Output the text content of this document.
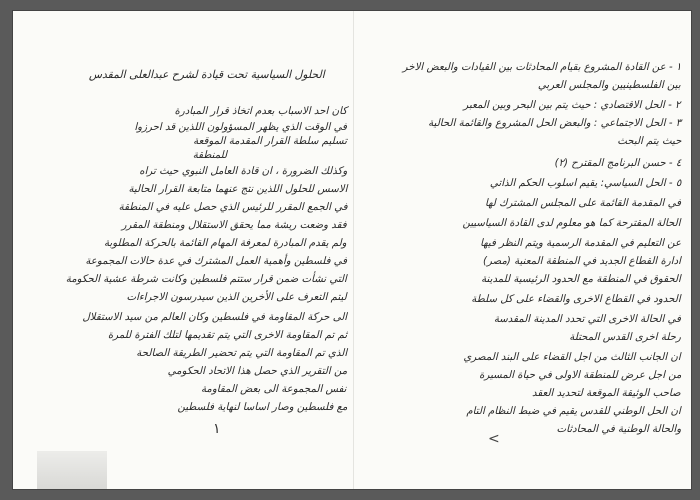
١ - عن القادة المشروع بقيام المحادثات بين القيادات والبعض الاخر
بين الفلسطينيين والمجلس العربي
٢ - الحل الاقتصادي : حيث يتم بين البحر وبين المعبر
٣ - الحل الاجتماعي : والبعض الحل المشروع والقائمة الحالية
حيث يتم البحث
٤ - حسن البرنامج المقترح (٢)
٥ - الحل السياسي: يقيم اسلوب الحكم الذاتي
في المقدمة القائمة على المجلس المشترك لها
الحالة المقترحة كما هو معلوم لدى القادة السياسيين
عن التعليم في المقدمة الرسمية ويتم النظر فيها
ادارة القطاع الجديد في المنطقة المعنية (مصر)
الحقوق في المنطقة مع الحدود الرئيسية للمدينة
الحدود في القطاع الاخرى والقضاء على كل سلطة
في الحالة الاخرى التي تحدد المدينة المقدسة
رحلة اخرى القدس المحتلة
ان الجانب الثالث من اجل القضاء على البند المصري
من اجل عرض للمنطقة الاولى في حياة المسيرة
صاحب الوثيقة الموقعة لتحديد العقد
ان الحل الوطني للقدس يقيم في ضبط النظام التام
والحالة الوطنية في المحادثات
الحلول السياسية تحت قيادة لشرح عبدالعلى المقدس
كان احد الاسباب بعدم اتخاذ قرار المبادرة
في الوقت الذي يظهر المسؤولون اللذين قد احرزوا
تسليم سلطة القرار المقدمة الموقعة
للمنطقة
وكذلك الضرورة ، ان قادة العامل النبوي حيث تراه
الاسس للحلول اللذين نتج عنهما متابعة القرار الحالية
في الجمع المقرر للرئيس الذي حصل عليه في المنطقة
فقد وضعت ريشة مما يحقق الاستقلال ومنطقة المقرر
ولم يقدم المبادرة لمعرفة المهام القائمة بالحركة المطلوبة
في فلسطين وأهمية العمل المشترك في عدة حالات المجموعة
التي نشأت ضمن قرار ستتم فلسطين وكانت شرطة عشية الحكومة
ليتم التعرف على الأخرين الذين سيدرسون الاجراءات
الى حركة المقاومة في فلسطين وكان العالم من سيد الاستقلال
ثم تم المقاومة الاخرى التي يتم تقديمها لتلك الفترة للمرة
الذي تم المقاومة التي يتم تحضير الطريقة الصالحة
من التقرير الذي حصل هذا الاتحاد الحكومي
نفس المجموعة الى بعض المقاومة
مع فلسطين وصار اساسا لنهاية فلسطين
١
<
